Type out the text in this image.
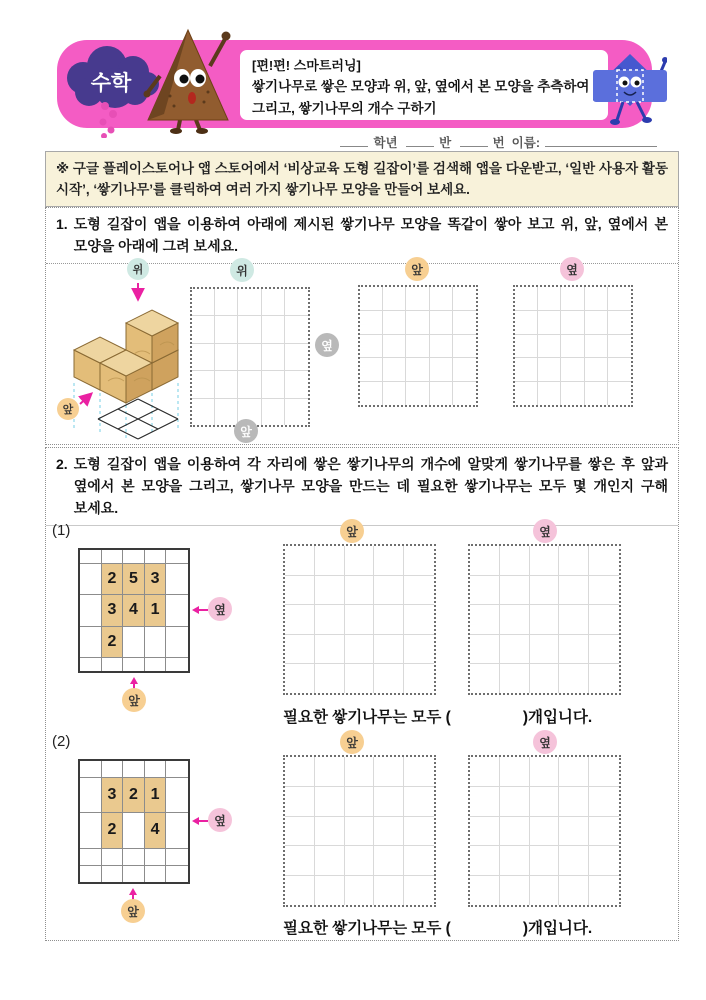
수학
[편!편! 스마트러닝]
쌓기나무로 쌓은 모양과 위, 앞, 옆에서 본 모양을 추측하여
그리고, 쌓기나무의 개수 구하기
학년	반	번 이름:
※ 구글 플레이스토어나 앱 스토어에서 ‘비상교육 도형 길잡이’를 검색해 앱을 다운받고, ‘일반 사용자 활동 시작’, ‘쌓기나무’를 클릭하여 여러 가지 쌓기나무 모양을 만들어 보세요.
1. 도형 길잡이 앱을 이용하여 아래에 제시된 쌓기나무 모양을 똑같이 쌓아 보고 위, 앞, 옆에서 본 모양을 아래에 그려 보세요.
위
앞
위
옆
앞
앞	옆
2. 도형 길잡이 앱을 이용하여 각 자리에 쌓은 쌓기나무의 개수에 알맞게 쌓기나무를 쌓은 후 앞과 옆에서 본 모양을 그리고, 쌓기나무 모양을 만드는 데 필요한 쌓기나무는 모두 몇 개인지 구해 보세요.
(1)
2 5 3
3 4 1
2
옆
앞
앞	옆
필요한 쌓기나무는 모두 (	)개입니다.
(2)
3 2 1
2	4
옆
앞
앞	옆
필요한 쌓기나무는 모두 (	)개입니다.
